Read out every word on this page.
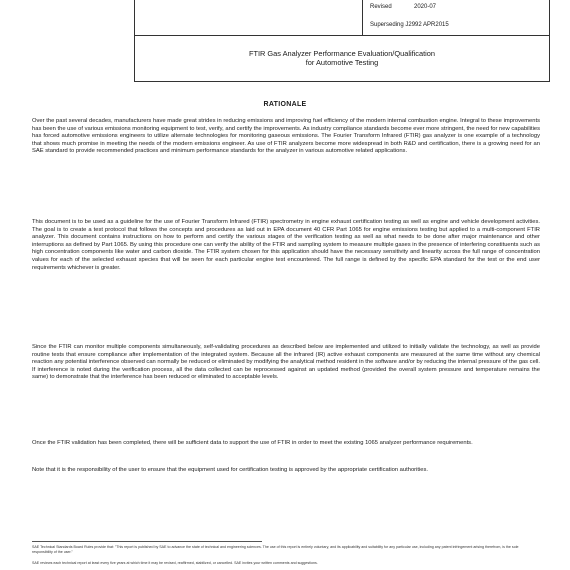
Revised	2020-07
Superseding J2992 APR2015
FTIR Gas Analyzer Performance Evaluation/Qualification
for Automotive Testing
RATIONALE

Over the past several decades, manufacturers have made great strides in reducing emissions and improving fuel efficiency of the modern internal combustion engine. Integral to these improvements has been the use of various emissions monitoring equipment to test, verify, and certify the improvements. As industry compliance standards become ever more stringent, the need for new capabilities has forced automotive emissions engineers to utilize alternate technologies for monitoring gaseous emissions. The Fourier Transform Infrared (FTIR) gas analyzer is one example of a technology that shows much promise in meeting the needs of the modern emissions engineer. As use of FTIR analyzers become more widespread in both R&D and certification, there is a growing need for an SAE standard to provide recommended practices and minimum performance standards for the analyzer in various automotive related applications.

This document is to be used as a guideline for the use of Fourier Transform Infrared (FTIR) spectrometry in engine exhaust certification testing as well as engine and vehicle development activities. The goal is to create a test protocol that follows the concepts and procedures as laid out in EPA document 40 CFR Part 1065 for engine emissions testing but applied to a multi-component FTIR analyzer. This document contains instructions on how to perform and certify the various stages of the verification testing as well as what needs to be done after major maintenance and other interruptions as defined by Part 1065. By using this procedure one can verify the ability of the FTIR and sampling system to measure multiple gases in the presence of interfering constituents such as high concentration components like water and carbon dioxide. The FTIR system chosen for this application should have the necessary sensitivity and linearity across the full range of concentration values for each of the selected exhaust species that will be seen for each particular engine test encountered. The full range is defined by the specific EPA standard for the test or the end user requirements whichever is greater.

Since the FTIR can monitor multiple components simultaneously, self-validating procedures as described below are implemented and utilized to initially validate the technology, as well as provide routine tests that ensure compliance after implementation of the integrated system. Because all the infrared (IR) active exhaust components are measured at the same time without any chemical reaction any potential interference observed can normally be reduced or eliminated by modifying the analytical method resident in the software and/or by reducing the internal pressure of the gas cell. If interference is noted during the verification process, all the data collected can be reprocessed against an updated method (provided the overall system pressure and temperature remains the same) to demonstrate that the interference has been reduced or eliminated to acceptable levels.

Once the FTIR validation has been completed, there will be sufficient data to support the use of FTIR in order to meet the existing 1065 analyzer performance requirements.

Note that it is the responsibility of the user to ensure that the equipment used for certification testing is approved by the appropriate certification authorities.

SAE Technical Standards Board Rules provide that: "This report is published by SAE to advance the state of technical and engineering sciences. The use of this report is entirely voluntary, and its applicability and suitability for any particular use, including any patent infringement arising therefrom, is the sole responsibility of the user."

SAE reviews each technical report at least every five years at which time it may be revised, reaffirmed, stabilized, or cancelled. SAE invites your written comments and suggestions.
